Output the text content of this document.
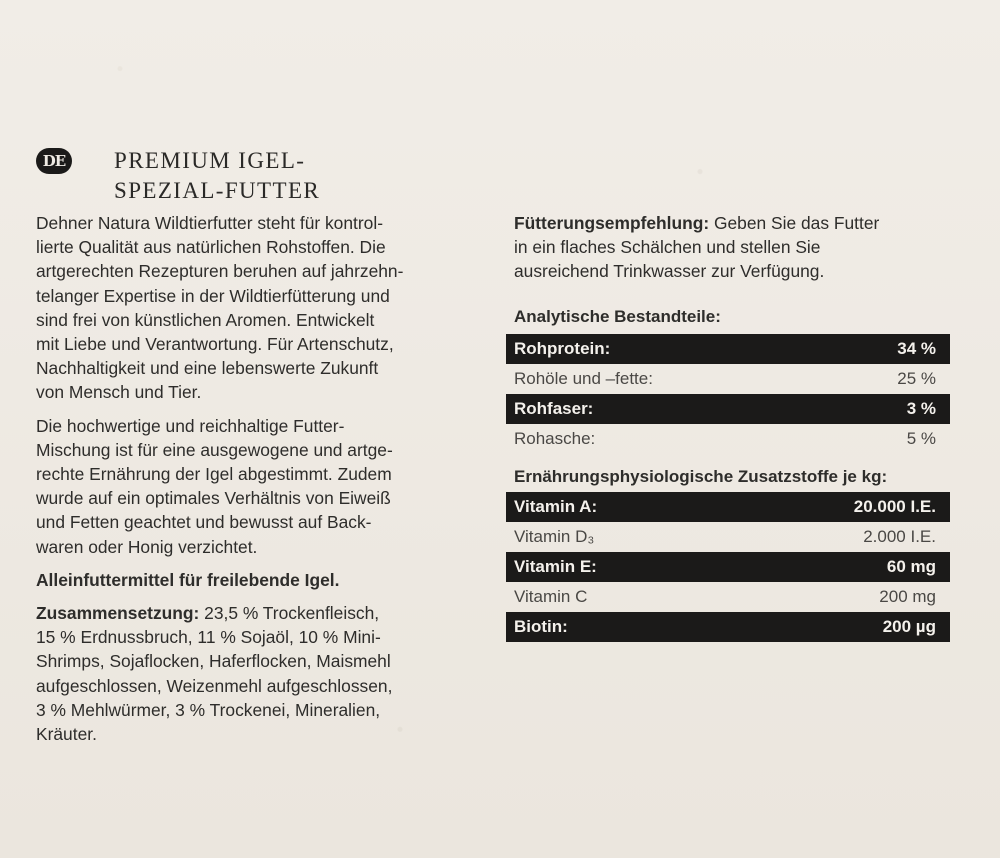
DE PREMIUM IGEL-
SPEZIAL-FUTTER

Dehner Natura Wildtierfutter steht für kontrol-
lierte Qualität aus natürlichen Rohstoffen. Die
artgerechten Rezepturen beruhen auf jahrzehn-
telanger Expertise in der Wildtierfütterung und
sind frei von künstlichen Aromen. Entwickelt
mit Liebe und Verantwortung. Für Artenschutz,
Nachhaltigkeit und eine lebenswerte Zukunft
von Mensch und Tier.

Die hochwertige und reichhaltige Futter-
Mischung ist für eine ausgewogene und artge-
rechte Ernährung der Igel abgestimmt. Zudem
wurde auf ein optimales Verhältnis von Eiweiß
und Fetten geachtet und bewusst auf Back-
waren oder Honig verzichtet.

Alleinfuttermittel für freilebende Igel.

Zusammensetzung: 23,5 % Trockenfleisch,
15 % Erdnussbruch, 11 % Sojaöl, 10 % Mini-
Shrimps, Sojaflocken, Haferflocken, Maismehl
aufgeschlossen, Weizenmehl aufgeschlossen,
3 % Mehlwürmer, 3 % Trockenei, Mineralien,
Kräuter.

Fütterungsempfehlung: Geben Sie das Futter
in ein flaches Schälchen und stellen Sie
ausreichend Trinkwasser zur Verfügung.

Analytische Bestandteile:
Rohprotein:	34 %
Rohöle und –fette:	25 %
Rohfaser:	3 %
Rohasche:	5 %
Ernährungsphysiologische Zusatzstoffe je kg:
Vitamin A:	20.000 I.E.
Vitamin D₃	2.000 I.E.
Vitamin E:	60 mg
Vitamin C	200 mg
Biotin:	200 µg
